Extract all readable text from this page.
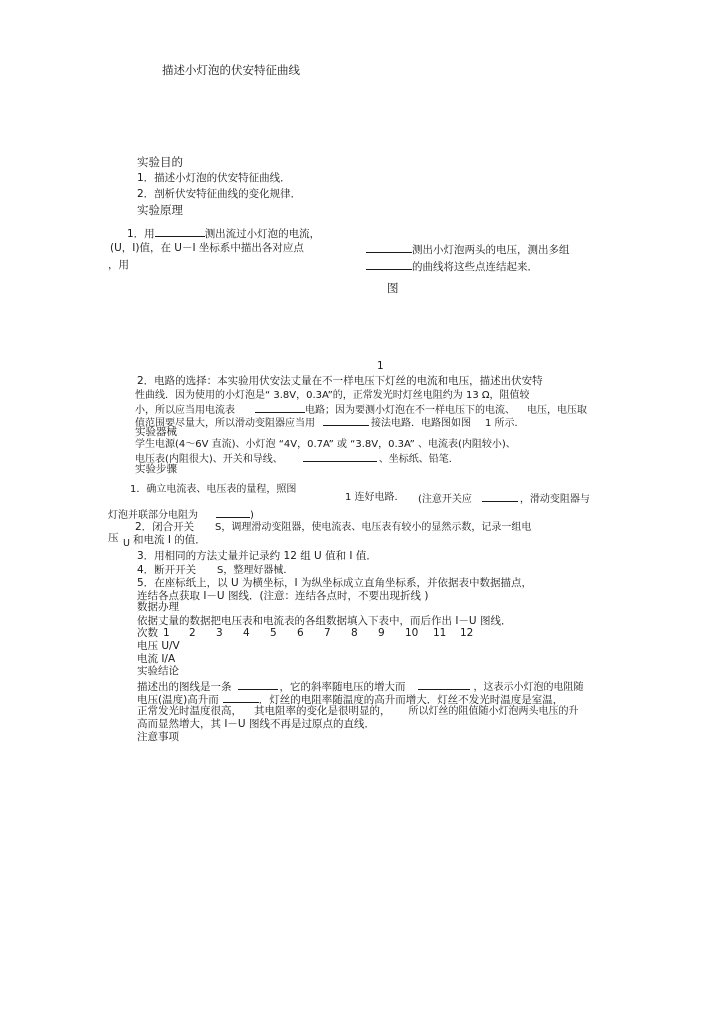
描述小灯泡的伏安特征曲线
实验目的
1．描述小灯泡的伏安特征曲线．
2．剖析伏安特征曲线的变化规律．
实验原理
1．用	测出流过小灯泡的电流，
(U，I)值，在 U－I 坐标系中描出各对应点	测出小灯泡两头的电压，测出多组
，用	的曲线将这些点连结起来．
图
1
2．电路的选择：本实验用伏安法丈量在不一样电压下灯丝的电流和电压，描述出伏安特
性曲线．因为使用的小灯泡是“ 3.8V，0.3A”的，正常发光时灯丝电阻约为 13 Ω，阻值较
小，所以应当用电流表	电路；因为要测小灯泡在不一样电压下的电流、 电压，电压取
值范围要尽量大，所以滑动变阻器应当用	接法电路．电路图如图 1 所示．
实验器械
学生电源(4～6V 直流)、小灯泡 “4V，0.7A” 或 “3.8V，0.3A” 、电流表(内阻较小)、
电压表(内阻很大)、开关和导线、	、坐标纸、铅笔．
实验步骤
1．确立电流表、电压表的量程，照图
1 连好电路． (注意开关应	，滑动变阻器与
灯泡并联部分电阻为	)
2．闭合开关 S，调理滑动变阻器，使电流表、电压表有较小的显然示数，记录一组电
压 U 和电流 I 的值．
3．用相同的方法丈量并记录约 12 组 U 值和 I 值．
4．断开开关 S，整理好器械．
5．在座标纸上，以 U 为横坐标，I 为纵坐标成立直角坐标系，并依据表中数据描点，
连结各点获取 I－U 图线．(注意：连结各点时，不要出现折线 )
数据办理
依据丈量的数据把电压表和电流表的各组数据填入下表中，而后作出 I－U 图线．
次数 1 2 3 4 5 6 7 8 9 10 11 12
电压 U/V
电流 I/A
实验结论
描述出的图线是一条	，它的斜率随电压的增大而	，这表示小灯泡的电阻随
电压(温度)高升而	．灯丝的电阻率随温度的高升而增大．灯丝不发光时温度是室温，
正常发光时温度很高， 其电阻率的变化是很明显的， 所以灯丝的阻值随小灯泡两头电压的升
高而显然增大，其 I－U 图线不再是过原点的直线．
注意事项
